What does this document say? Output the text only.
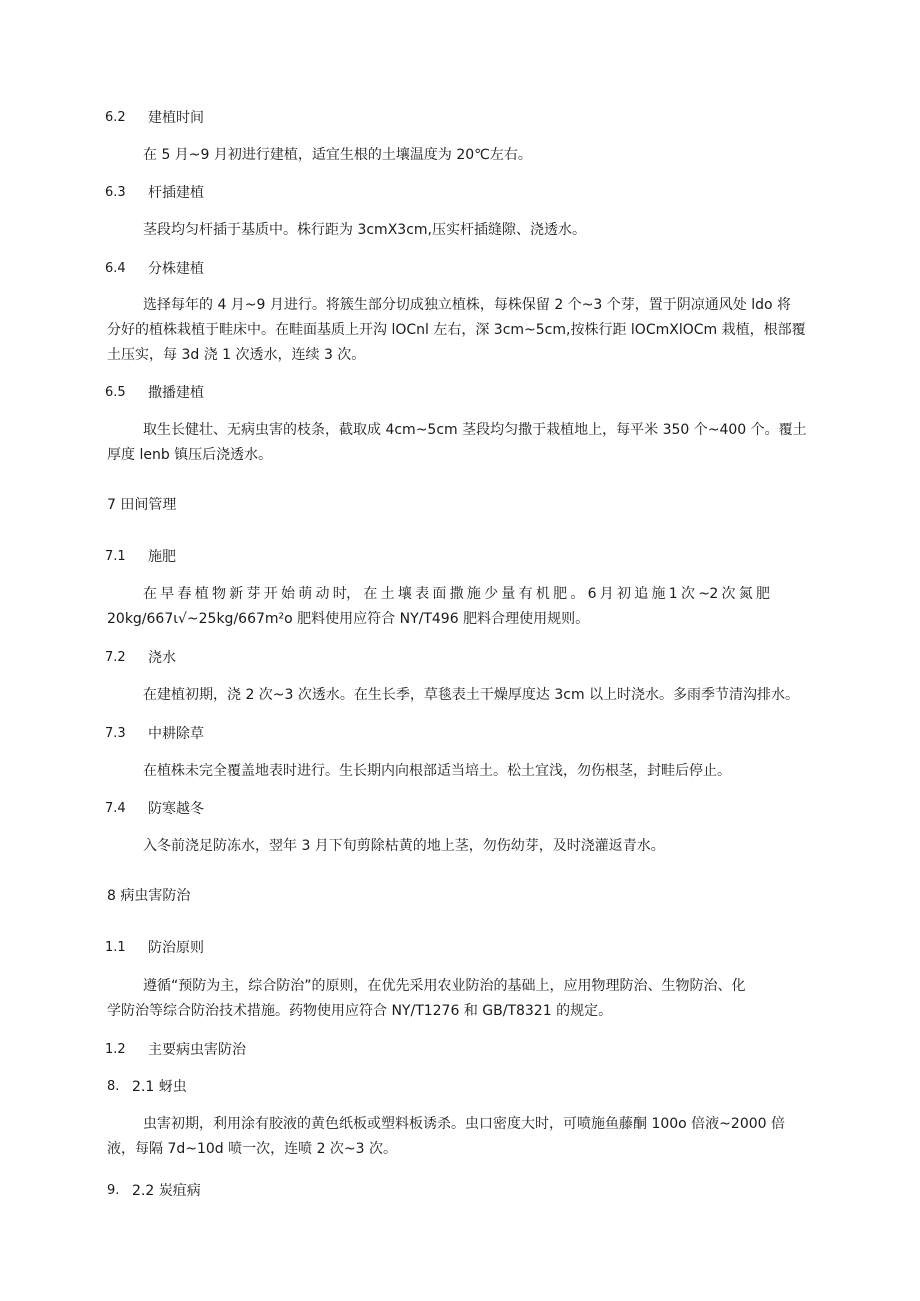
6.2 建植时间
在 5 月~9 月初进行建植，适宜生根的土壤温度为 20℃左右。
6.3 杆插建植
茎段均匀杆插于基质中。株行距为 3cmX3cm,压实杆插缝隙、浇透水。
6.4 分株建植
选择每年的 4 月~9 月进行。将簇生部分切成独立植株，每株保留 2 个~3 个芽，置于阴凉通风处 ldo 将
分好的植株栽植于畦床中。在畦面基质上开沟 lOCnl 左右，深 3cm~5cm,按株行距 lOCmXlOCm 栽植，根部覆
土压实，每 3d 浇 1 次透水，连续 3 次。
6.5 撒播建植
取生长健壮、无病虫害的枝条，截取成 4cm~5cm 茎段均匀撒于栽植地上，每平米 350 个~400 个。覆土
厚度 lenb 镇压后浇透水。
7 田间管理
7.1 施肥
在 早 春 植 物 新 芽 开 始 萌 动 时， 在 土 壤 表 面 撒 施 少 量 有 机 肥 。 6 月 初 追 施 1 次 ~2 次 氮 肥
20kg∕667ι√~25kg∕667m²o 肥料使用应符合 NY/T496 肥料合理使用规则。
7.2 浇水
在建植初期，浇 2 次~3 次透水。在生长季，草毯表土干燥厚度达 3cm 以上时浇水。多雨季节清沟排水。
7.3 中耕除草
在植株未完全覆盖地表时进行。生长期内向根部适当培土。松土宜浅，勿伤根茎，封畦后停止。
7.4 防寒越冬
入冬前浇足防冻水，翌年 3 月下旬剪除枯黄的地上茎，勿伤幼芽，及时浇灌返青水。
8 病虫害防治
1.1 防治原则
遵循“预防为主，综合防治”的原则，在优先采用农业防治的基础上，应用物理防治、生物防治、化
学防治等综合防治技术措施。药物使用应符合 NY/T1276 和 GB/T8321 的规定。
1.2 主要病虫害防治
8. 2.1 蚜虫
虫害初期，利用涂有胶液的黄色纸板或塑料板诱杀。虫口密度大时，可喷施鱼藤酮 100o 倍液~2000 倍
液，每隔 7d~10d 喷一次，连喷 2 次~3 次。
9. 2.2 炭疽病
